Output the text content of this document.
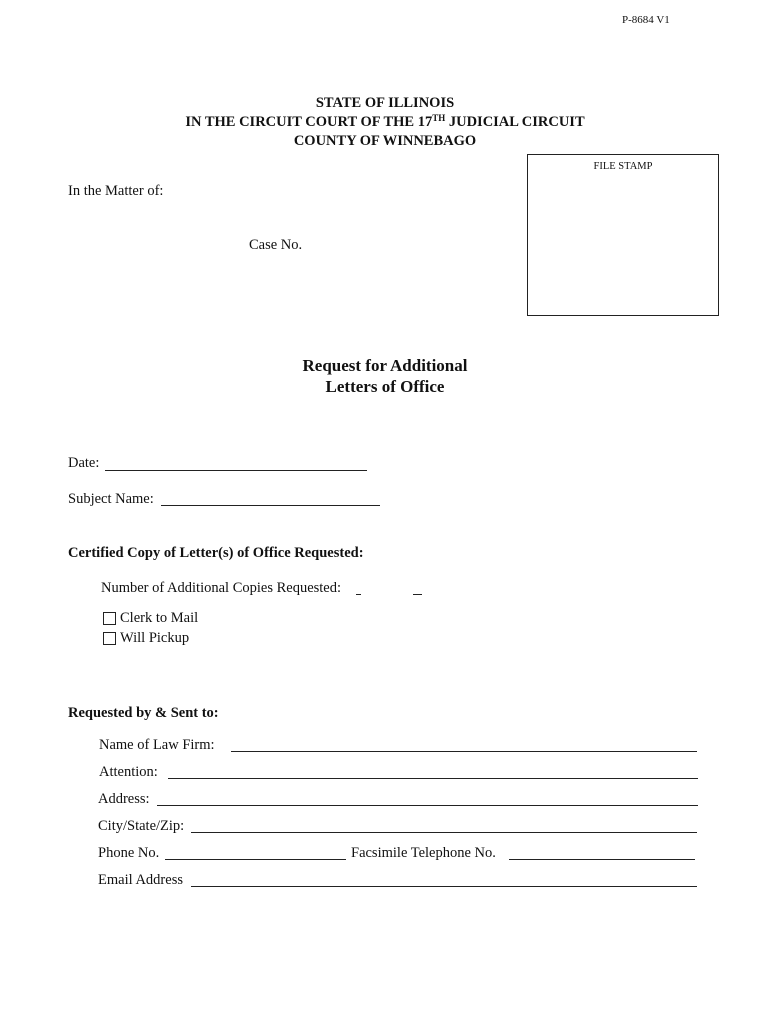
P-8684 V1
STATE OF ILLINOIS
IN THE CIRCUIT COURT OF THE 17TH JUDICIAL CIRCUIT
COUNTY OF WINNEBAGO
FILE STAMP
In the Matter of:
Case No.
Request for Additional
Letters of Office
Date:
Subject Name:
Certified Copy of Letter(s) of Office Requested:
Number of Additional Copies Requested:
Clerk to Mail
Will Pickup
Requested by & Sent to:
Name of Law Firm:
Attention:
Address:
City/State/Zip:
Phone No.	Facsimile Telephone No.
Email Address
